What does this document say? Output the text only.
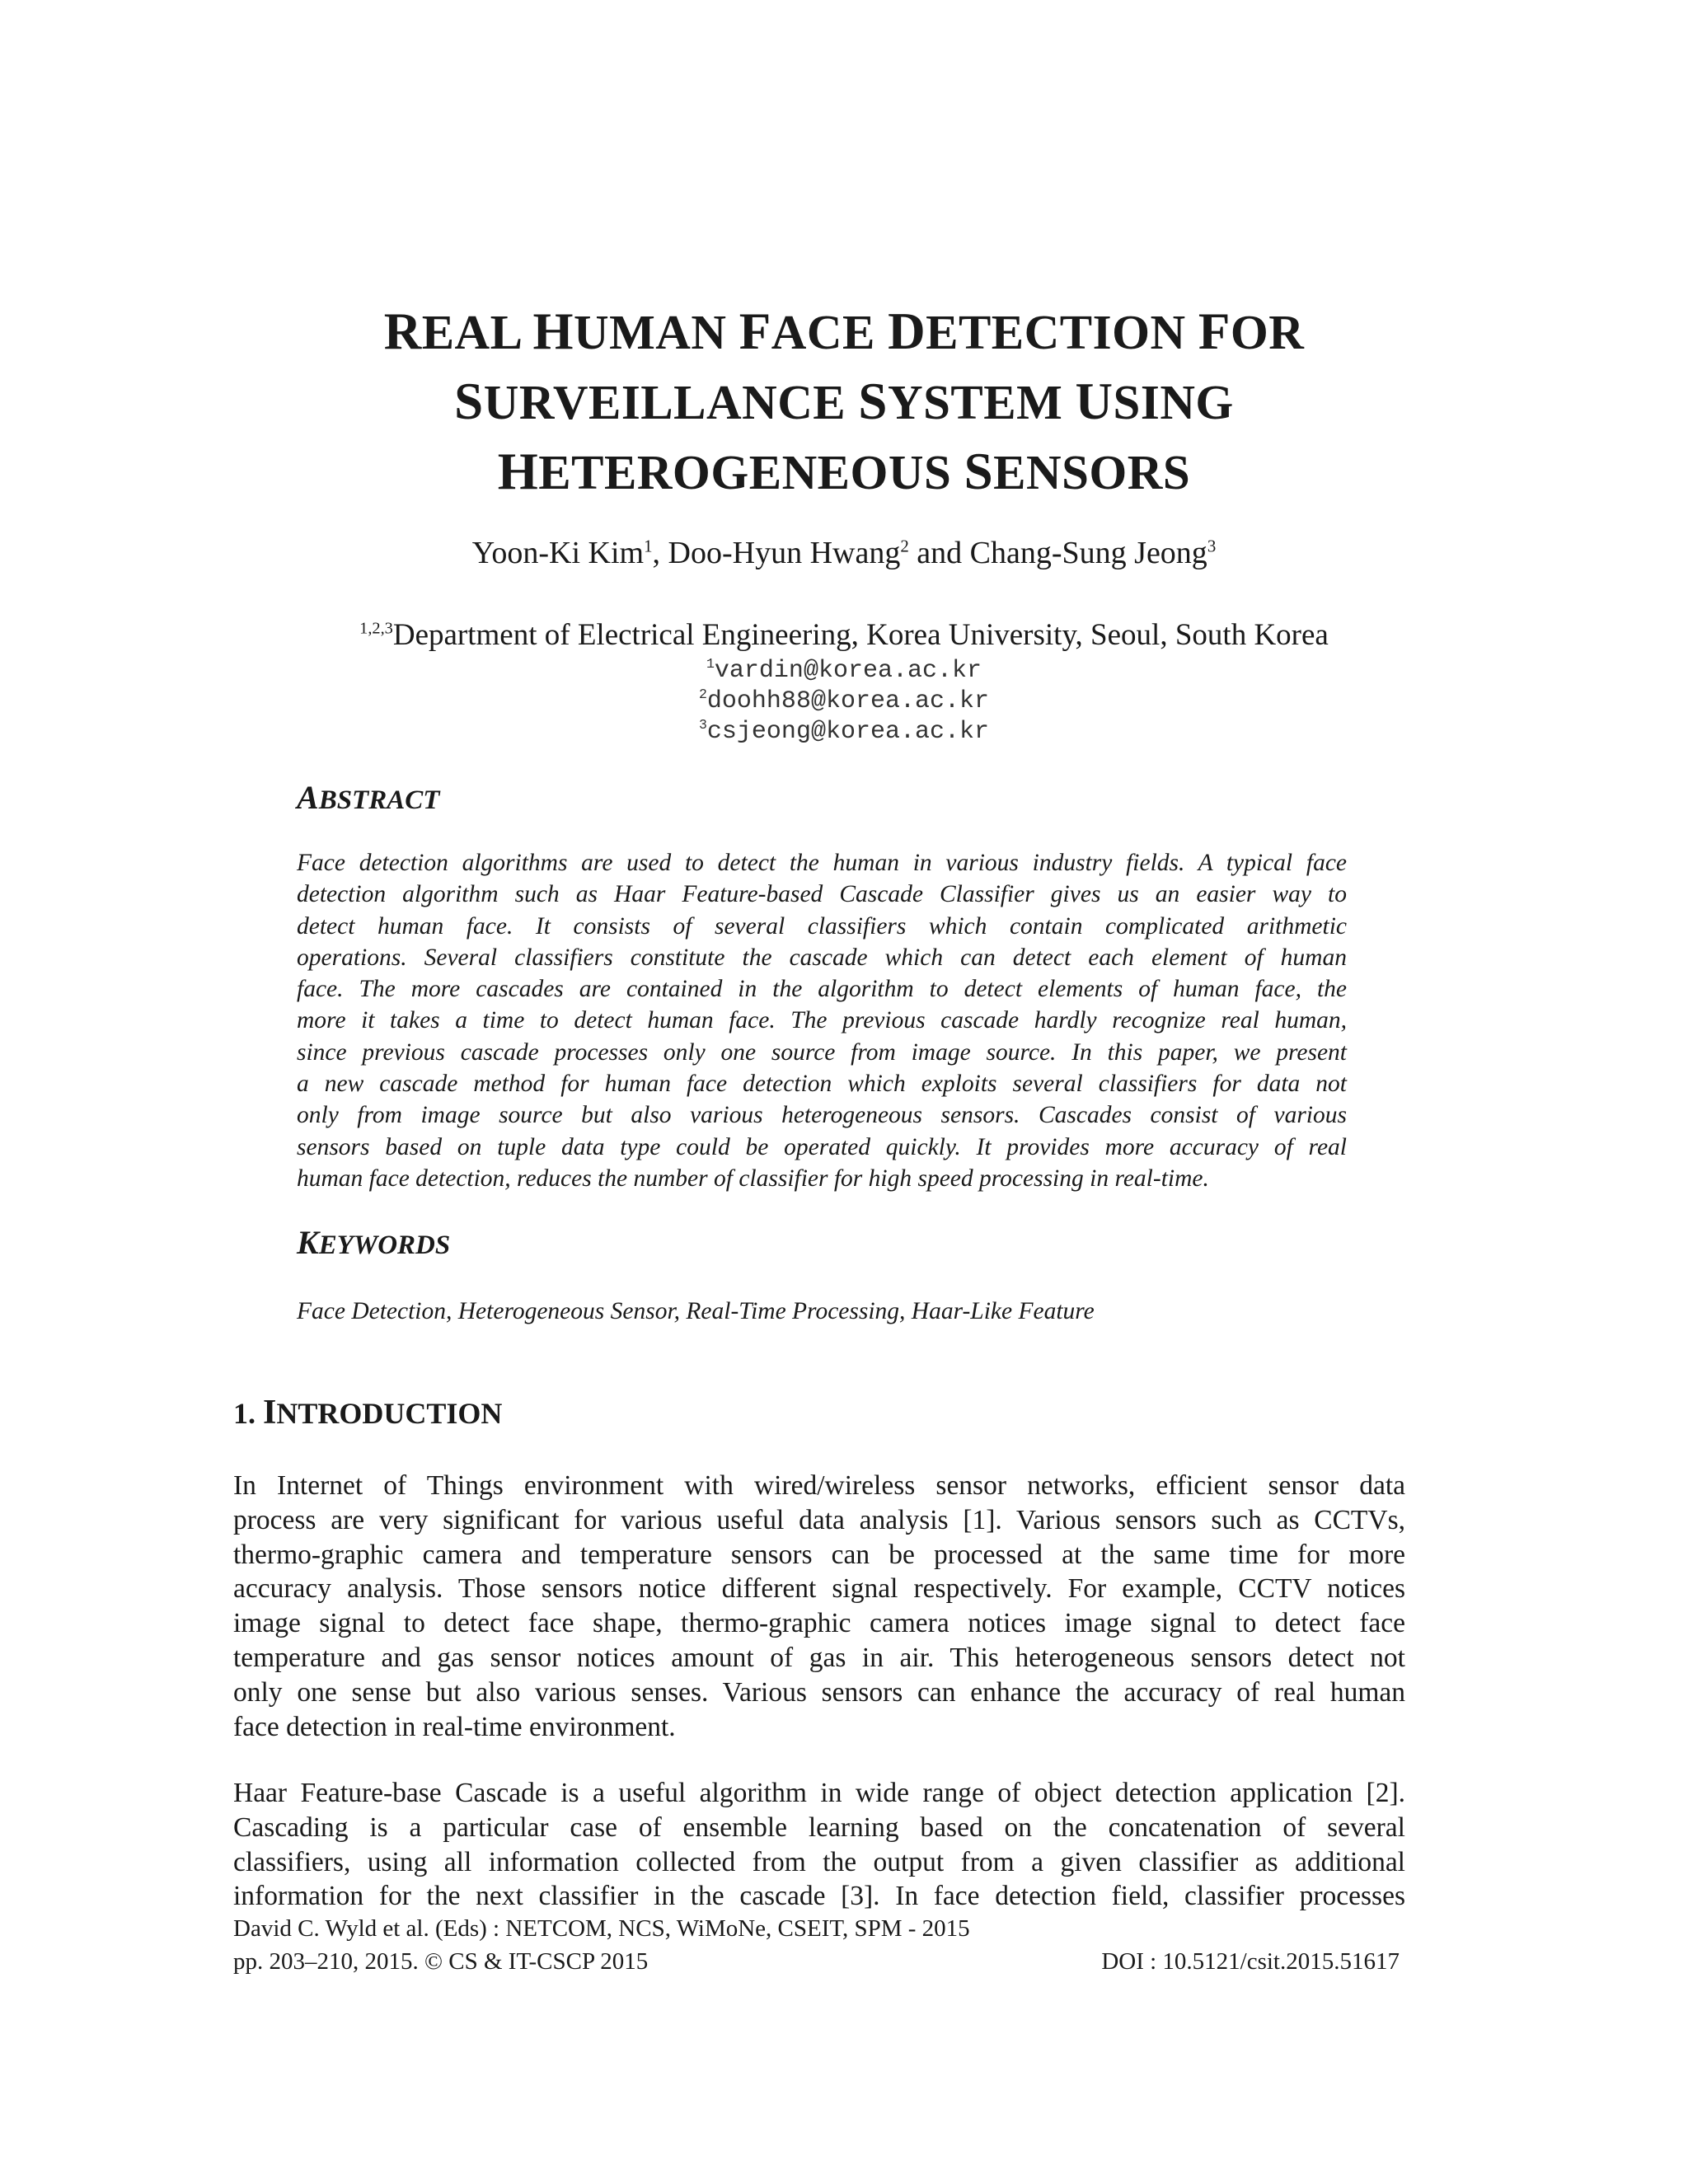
REAL HUMAN FACE DETECTION FOR
SURVEILLANCE SYSTEM USING
HETEROGENEOUS SENSORS
Yoon-Ki Kim$^1$, Doo-Hyun Hwang$^2$ and Chang-Sung Jeong$^3$
$^{1,2,3}$Department of Electrical Engineering, Korea University, Seoul, South Korea
$^1$vardin@korea.ac.kr
$^2$doohh88@korea.ac.kr
$^3$csjeong@korea.ac.kr
ABSTRACT
Face detection algorithms are used to detect the human in various industry fields. A typical face
detection algorithm such as Haar Feature-based Cascade Classifier gives us an easier way to
detect human face. It consists of several classifiers which contain complicated arithmetic
operations. Several classifiers constitute the cascade which can detect each element of human
face. The more cascades are contained in the algorithm to detect elements of human face, the
more it takes a time to detect human face. The previous cascade hardly recognize real human,
since previous cascade processes only one source from image source. In this paper, we present
a new cascade method for human face detection which exploits several classifiers for data not
only from image source but also various heterogeneous sensors. Cascades consist of various
sensors based on tuple data type could be operated quickly. It provides more accuracy of real
human face detection, reduces the number of classifier for high speed processing in real-time.
KEYWORDS
Face Detection, Heterogeneous Sensor, Real-Time Processing, Haar-Like Feature
1. INTRODUCTION
In Internet of Things environment with wired/wireless sensor networks, efficient sensor data
process are very significant for various useful data analysis [1]. Various sensors such as CCTVs,
thermo-graphic camera and temperature sensors can be processed at the same time for more
accuracy analysis. Those sensors notice different signal respectively. For example, CCTV notices
image signal to detect face shape, thermo-graphic camera notices image signal to detect face
temperature and gas sensor notices amount of gas in air. This heterogeneous sensors detect not
only one sense but also various senses. Various sensors can enhance the accuracy of real human
face detection in real-time environment.
Haar Feature-base Cascade is a useful algorithm in wide range of object detection application [2].
Cascading is a particular case of ensemble learning based on the concatenation of several
classifiers, using all information collected from the output from a given classifier as additional
information for the next classifier in the cascade [3]. In face detection field, classifier processes
David C. Wyld et al. (Eds) : NETCOM, NCS, WiMoNe, CSEIT, SPM - 2015
pp. 203–210, 2015. © CS & IT-CSCP 2015	DOI : 10.5121/csit.2015.51617
